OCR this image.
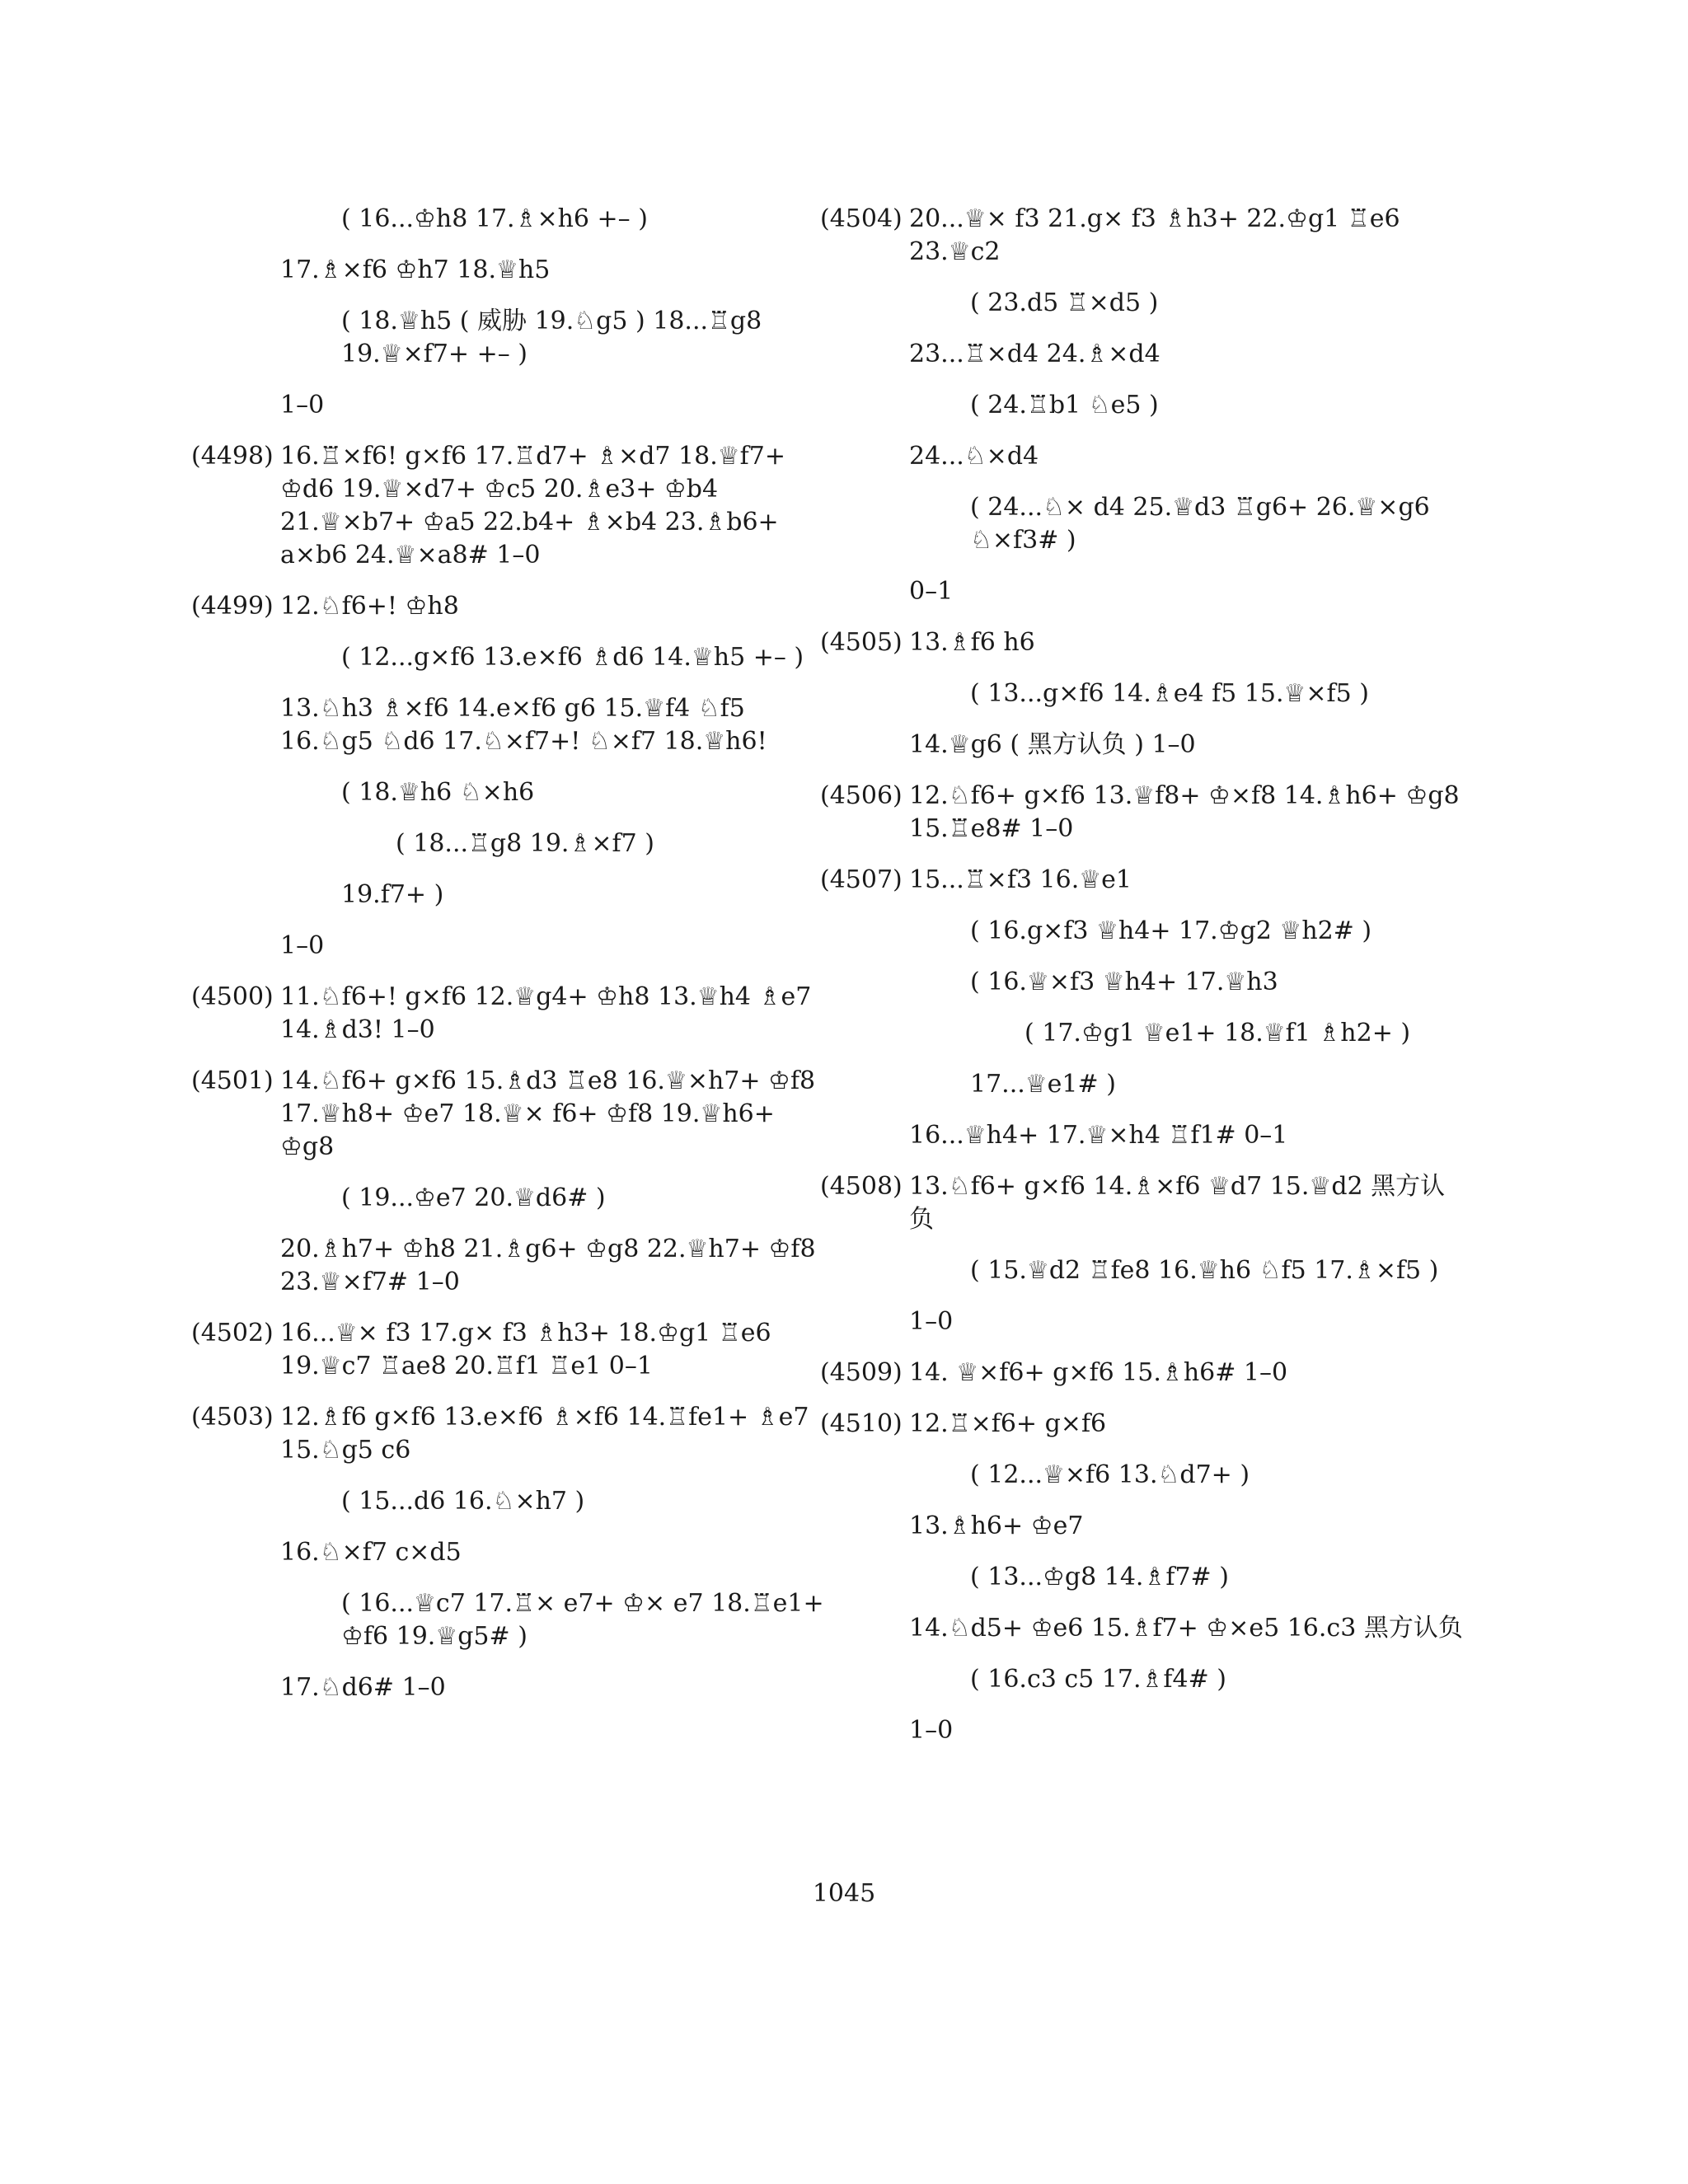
( 16...♔h8 17.♗×h6 +– )
17.♗×f6 ♔h7 18.♕h5
( 18.♕h5 ( 威胁 19.♘g5 ) 18...♖g8 19.♕×f7+ +– )
1–0
(4498) 16.♖×f6! g×f6 17.♖d7+ ♗×d7 18.♕f7+ ♔d6 19.♕×d7+ ♔c5 20.♗e3+ ♔b4 21.♕×b7+ ♔a5 22.b4+ ♗×b4 23.♗b6+ a×b6 24.♕×a8# 1–0
(4499) 12.♘f6+! ♔h8
( 12...g×f6 13.e×f6 ♗d6 14.♕h5 +– )
13.♘h3 ♗×f6 14.e×f6 g6 15.♕f4 ♘f5 16.♘g5 ♘d6 17.♘×f7+! ♘×f7 18.♕h6!
( 18.♕h6 ♘×h6
( 18...♖g8 19.♗×f7 )
19.f7+ )
1–0
(4500) 11.♘f6+! g×f6 12.♕g4+ ♔h8 13.♕h4 ♗e7 14.♗d3! 1–0
(4501) 14.♘f6+ g×f6 15.♗d3 ♖e8 16.♕×h7+ ♔f8 17.♕h8+ ♔e7 18.♕× f6+ ♔f8 19.♕h6+ ♔g8
( 19...♔e7 20.♕d6# )
20.♗h7+ ♔h8 21.♗g6+ ♔g8 22.♕h7+ ♔f8 23.♕×f7# 1–0
(4502) 16...♕× f3 17.g× f3 ♗h3+ 18.♔g1 ♖e6 19.♕c7 ♖ae8 20.♖f1 ♖e1 0–1
(4503) 12.♗f6 g×f6 13.e×f6 ♗×f6 14.♖fe1+ ♗e7 15.♘g5 c6
( 15...d6 16.♘×h7 )
16.♘×f7 c×d5
( 16...♕c7 17.♖× e7+ ♔× e7 18.♖e1+ ♔f6 19.♕g5# )
17.♘d6# 1–0
(4504) 20...♕× f3 21.g× f3 ♗h3+ 22.♔g1 ♖e6 23.♕c2
( 23.d5 ♖×d5 )
23...♖×d4 24.♗×d4
( 24.♖b1 ♘e5 )
24...♘×d4
( 24...♘× d4 25.♕d3 ♖g6+ 26.♕×g6 ♘×f3# )
0–1
(4505) 13.♗f6 h6
( 13...g×f6 14.♗e4 f5 15.♕×f5 )
14.♕g6 ( 黑方认负 ) 1–0
(4506) 12.♘f6+ g×f6 13.♕f8+ ♔×f8 14.♗h6+ ♔g8 15.♖e8# 1–0
(4507) 15...♖×f3 16.♕e1
( 16.g×f3 ♕h4+ 17.♔g2 ♕h2# )
( 16.♕×f3 ♕h4+ 17.♕h3
( 17.♔g1 ♕e1+ 18.♕f1 ♗h2+ )
17...♕e1# )
16...♕h4+ 17.♕×h4 ♖f1# 0–1
(4508) 13.♘f6+ g×f6 14.♗×f6 ♕d7 15.♕d2 黑方认负
( 15.♕d2 ♖fe8 16.♕h6 ♘f5 17.♗×f5 )
1–0
(4509) 14. ♕×f6+ g×f6 15.♗h6# 1–0
(4510) 12.♖×f6+ g×f6
( 12...♕×f6 13.♘d7+ )
13.♗h6+ ♔e7
( 13...♔g8 14.♗f7# )
14.♘d5+ ♔e6 15.♗f7+ ♔×e5 16.c3 黑方认负
( 16.c3 c5 17.♗f4# )
1–0
1045
